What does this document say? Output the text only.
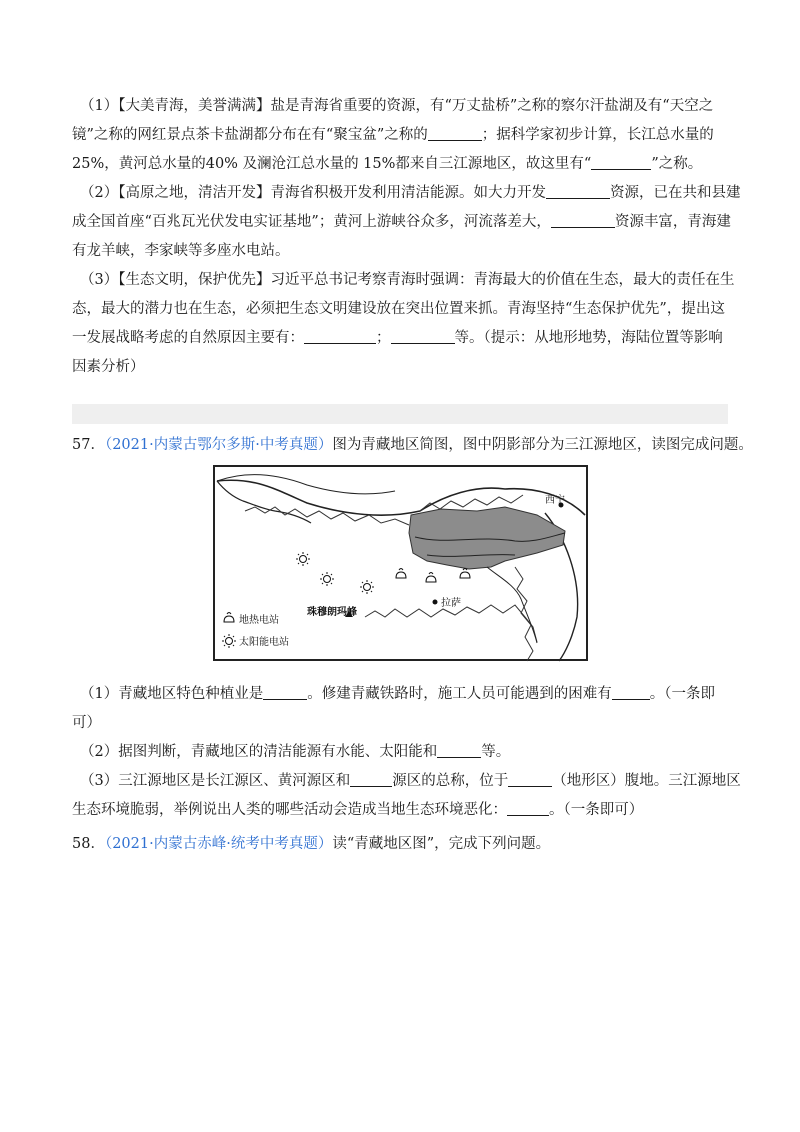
（1）【大美青海，美誉满满】盐是青海省重要的资源，有“万丈盐桥”之称的察尔汗盐湖及有“天空之
镜”之称的网红景点茶卡盐湖都分布在有“聚宝盆”之称的	；据科学家初步计算，长江总水量的
25%，黄河总水量的40% 及澜沧江总水量的 15%都来自三江源地区，故这里有“	”之称。

（2）【高原之地，清洁开发】青海省积极开发利用清洁能源。如大力开发	资源，已在共和县建
成全国首座“百兆瓦光伏发电实证基地”；黄河上游峡谷众多，河流落差大，	资源丰富，青海建
有龙羊峡，李家峡等多座水电站。

（3）【生态文明，保护优先】习近平总书记考察青海时强调：青海最大的价值在生态，最大的责任在生
态，最大的潜力也在生态，必须把生态文明建设放在突出位置来抓。青海坚持“生态保护优先”，提出这
一发展战略考虑的自然原因主要有：	；	等。（提示：从地形地势，海陆位置等影响
因素分析）

57．（2021·内蒙古鄂尔多斯·中考真题）图为青藏地区简图，图中阴影部分为三江源地区，读图完成问题。
西宁
拉萨
珠穆朗玛峰
地热电站
太阳能电站

（1）青藏地区特色种植业是	。修建青藏铁路时，施工人员可能遇到的困难有	。（一条即
可）

（2）据图判断，青藏地区的清洁能源有水能、太阳能和	等。

（3）三江源地区是长江源区、黄河源区和	源区的总称，位于	（地形区）腹地。三江源地区
生态环境脆弱，举例说出人类的哪些活动会造成当地生态环境恶化：	。（一条即可）

58．（2021·内蒙古赤峰·统考中考真题）读“青藏地区图”，完成下列问题。
